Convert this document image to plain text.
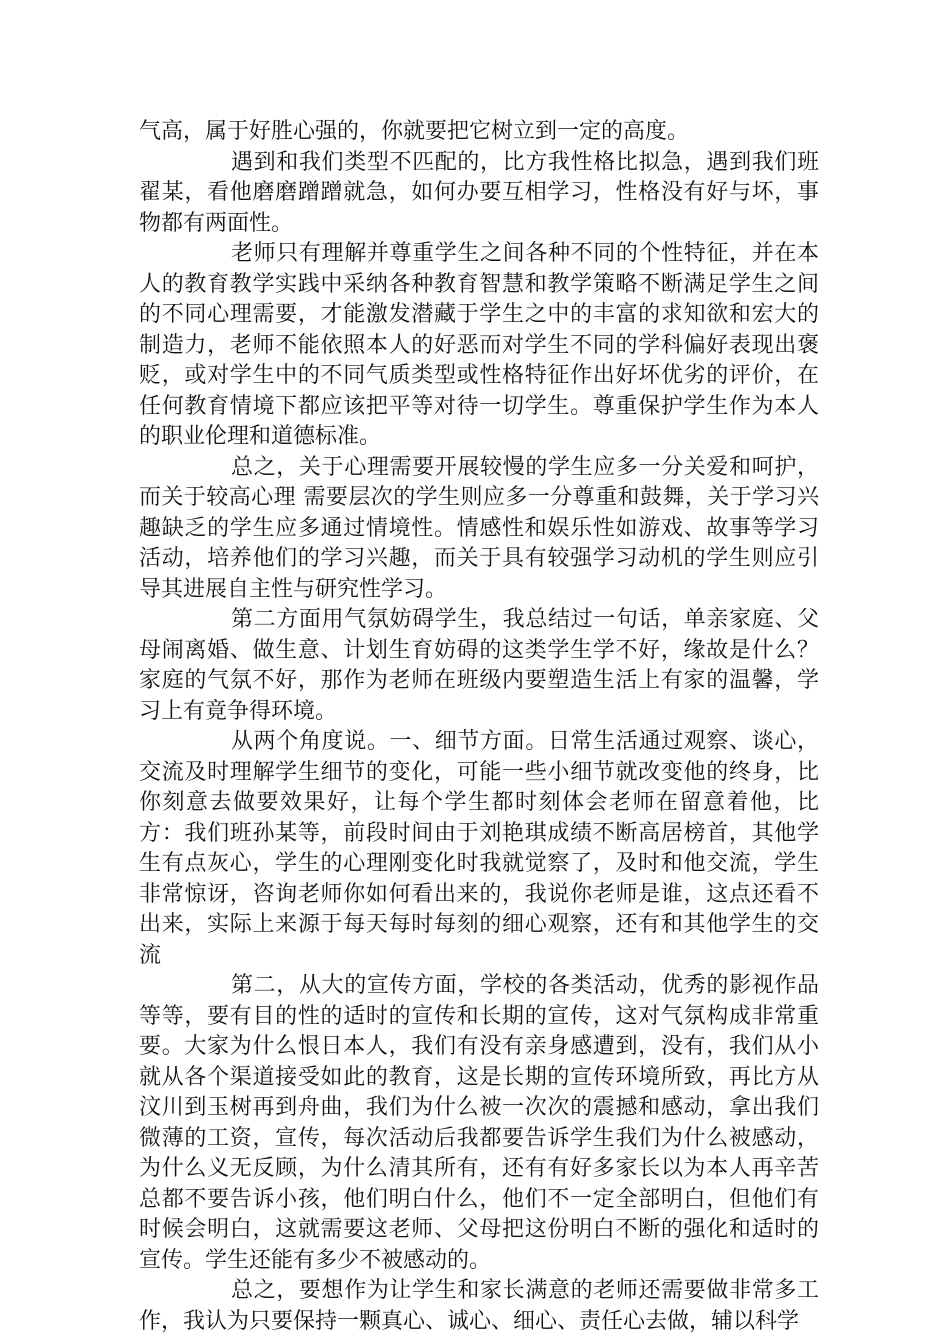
气高，属于好胜心强的，你就要把它树立到一定的高度。

遇到和我们类型不匹配的，比方我性格比拟急，遇到我们班翟某，看他磨磨蹭蹭就急，如何办要互相学习，性格没有好与坏，事物都有两面性。

老师只有理解并尊重学生之间各种不同的个性特征，并在本人的教育教学实践中采纳各种教育智慧和教学策略不断满足学生之间的不同心理需要，才能激发潜藏于学生之中的丰富的求知欲和宏大的制造力，老师不能依照本人的好恶而对学生不同的学科偏好表现出褒贬，或对学生中的不同气质类型或性格特征作出好坏优劣的评价，在任何教育情境下都应该把平等对待一切学生。尊重保护学生作为本人的职业伦理和道德标准。

总之，关于心理需要开展较慢的学生应多一分关爱和呵护，而关于较高心理 需要层次的学生则应多一分尊重和鼓舞，关于学习兴趣缺乏的学生应多通过情境性。情感性和娱乐性如游戏、故事等学习活动，培养他们的学习兴趣，而关于具有较强学习动机的学生则应引导其进展自主性与研究性学习。

第二方面用气氛妨碍学生，我总结过一句话，单亲家庭、父母闹离婚、做生意、计划生育妨碍的这类学生学不好，缘故是什么？家庭的气氛不好，那作为老师在班级内要塑造生活上有家的温馨，学习上有竟争得环境。

从两个角度说。一、细节方面。日常生活通过观察、谈心，交流及时理解学生细节的变化，可能一些小细节就改变他的终身，比你刻意去做要效果好，让每个学生都时刻体会老师在留意着他，比方：我们班孙某等，前段时间由于刘艳琪成绩不断高居榜首，其他学生有点灰心，学生的心理刚变化时我就觉察了，及时和他交流，学生非常惊讶，咨询老师你如何看出来的，我说你老师是谁，这点还看不出来，实际上来源于每天每时每刻的细心观察，还有和其他学生的交流

第二，从大的宣传方面，学校的各类活动，优秀的影视作品等等，要有目的性的适时的宣传和长期的宣传，这对气氛构成非常重要。大家为什么恨日本人，我们有没有亲身感遭到，没有，我们从小就从各个渠道接受如此的教育，这是长期的宣传环境所致，再比方从汶川到玉树再到舟曲，我们为什么被一次次的震撼和感动，拿出我们微薄的工资，宣传，每次活动后我都要告诉学生我们为什么被感动，为什么义无反顾，为什么清其所有，还有有好多家长以为本人再辛苦总都不要告诉小孩，他们明白什么，他们不一定全部明白，但他们有时候会明白，这就需要这老师、父母把这份明白不断的强化和适时的宣传。学生还能有多少不被感动的。

总之，要想作为让学生和家长满意的老师还需要做非常多工作，我认为只要保持一颗真心、诚心、细心、责任心去做，辅以科学
